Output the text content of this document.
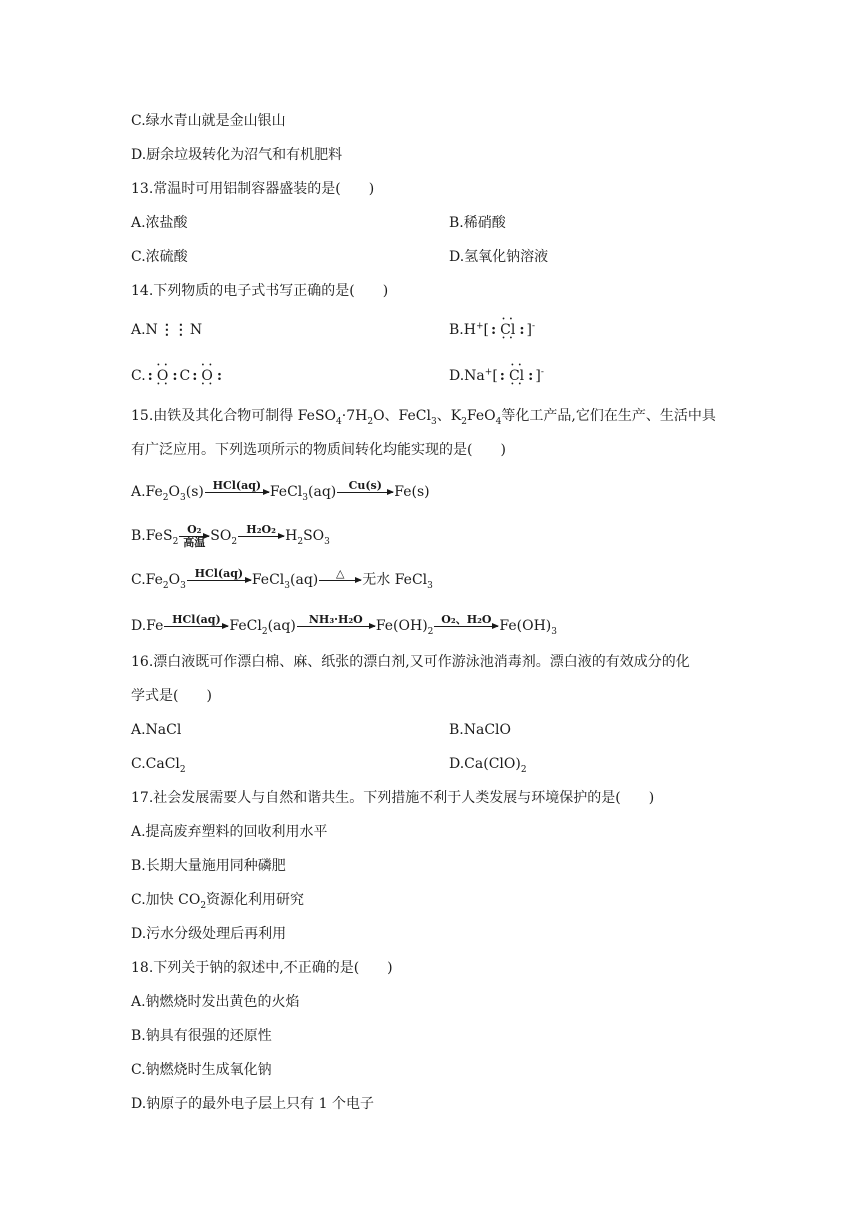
C.绿水青山就是金山银山
D.厨余垃圾转化为沼气和有机肥料
13.常温时可用铝制容器盛装的是(　　)
A.浓盐酸	B.稀硝酸
C.浓硫酸	D.氢氧化钠溶液
14.下列物质的电子式书写正确的是(　　)
A.N ⋮⋮ N	B.H+[ : • • Cl • • : ]-
C. : • • O • • : C : • • O • • :	D.Na+[ : • • Cl • • : ]-
15.由铁及其化合物可制得 $FeSO_4\cdot 7H_2O$、FeCl$_3$、$K_2FeO_4$等化工产品,它们在生产、生活中具
有广泛应用。下列选项所示的物质间转化均能实现的是(　　)
$A.Fe_2O_3(s)$ HCl(aq)
FeCl$_3$(aq)	Cu(s)
Fe(s)
B.FeS$_2$
O₂
高温 $SO_2$
H₂O₂
$H_2SO_3$
$C.Fe_2O_3$
HCl(aq)
FeCl$_3$(aq)	△
	无水 FeCl$_3$
D.Fe HCl(aq)
FeCl$_2$(aq)	NH₃·H₂O
$Fe(OH)_2$
O₂、H₂O
$Fe(OH)_3$
16.漂白液既可作漂白棉、麻、纸张的漂白剂,又可作游泳池消毒剂。漂白液的有效成分的化
学式是(　　)
A.NaCl	B.NaClO
C.CaCl$_2$	$D.Ca(ClO)_2$
17.社会发展需要人与自然和谐共生。下列措施不利于人类发展与环境保护的是(　　)
A.提高废弃塑料的回收利用水平
B.长期大量施用同种磷肥
C.加快 $CO_2$资源化利用研究
D.污水分级处理后再利用
18.下列关于钠的叙述中,不正确的是(　　)
A.钠燃烧时发出黄色的火焰
B.钠具有很强的还原性
C.钠燃烧时生成氧化钠
D.钠原子的最外电子层上只有 1 个电子
